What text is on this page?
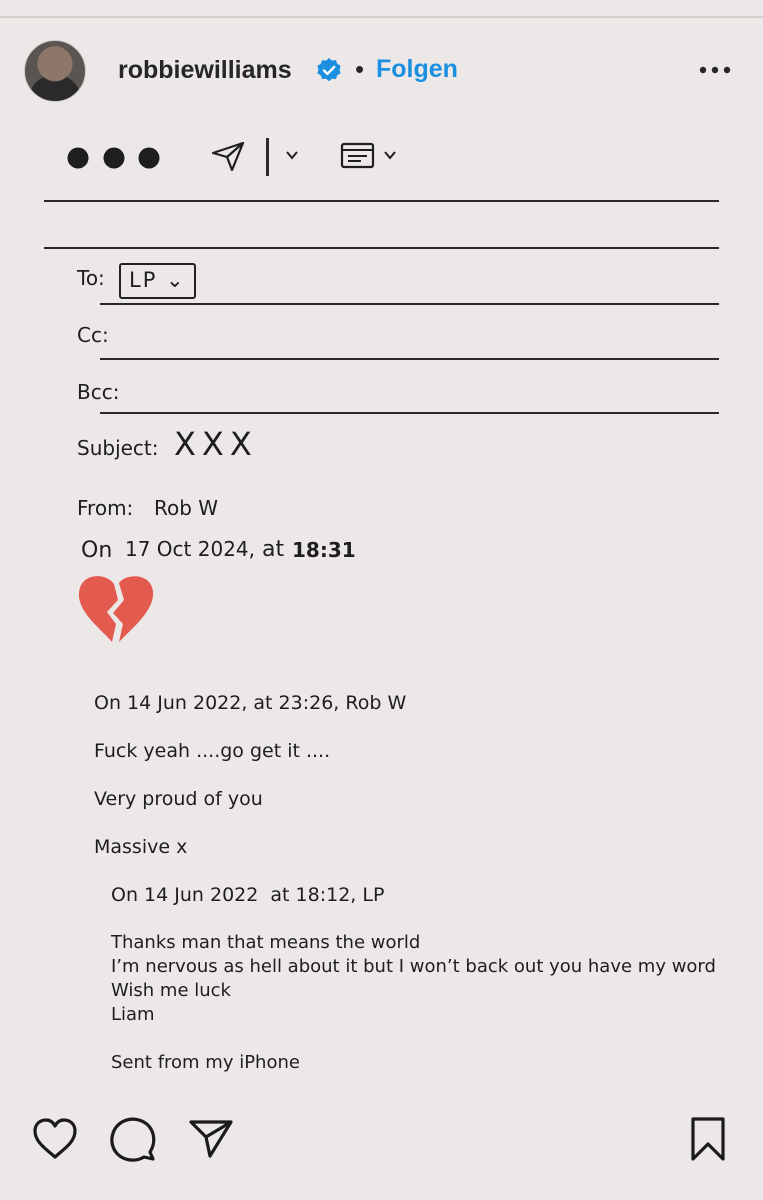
robbiewilliams • Folgen
To:	LP ⌄
Cc:
Bcc:
Subject: XXX
From: Rob W
On 17 Oct 2024, at 18:31
On 14 Jun 2022, at 23:26, Rob W
Fuck yeah ....go get it ....
Very proud of you
Massive x
On 14 Jun 2022  at 18:12, LP
Thanks man that means the world
I’m nervous as hell about it but I won’t back out you have my word
Wish me luck
Liam
Sent from my iPhone
